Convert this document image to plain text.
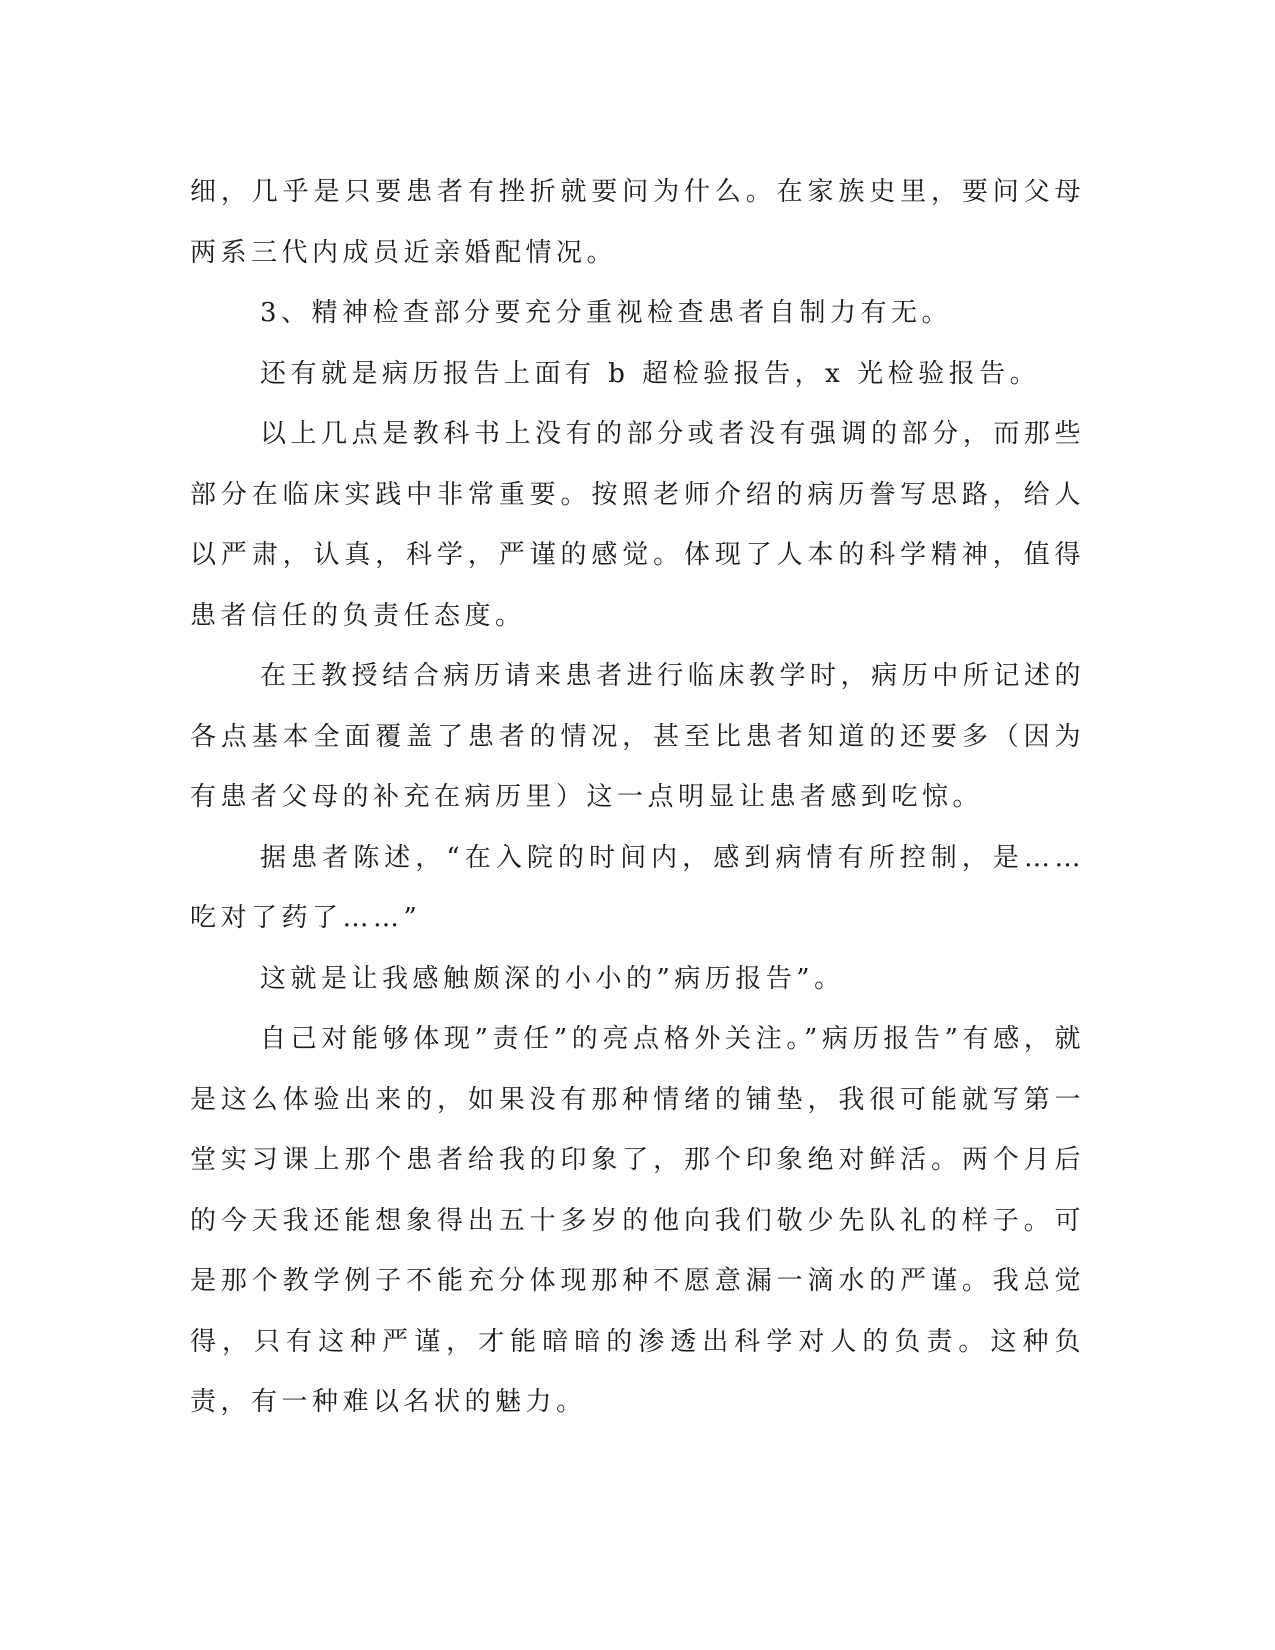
细，几乎是只要患者有挫折就要问为什么。在家族史里，要问父母两系三代内成员近亲婚配情况。

3、精神检查部分要充分重视检查患者自制力有无。

还有就是病历报告上面有 b 超检验报告，x 光检验报告。

以上几点是教科书上没有的部分或者没有强调的部分，而那些部分在临床实践中非常重要。按照老师介绍的病历誊写思路，给人以严肃，认真，科学，严谨的感觉。体现了人本的科学精神，值得患者信任的负责任态度。

在王教授结合病历请来患者进行临床教学时，病历中所记述的各点基本全面覆盖了患者的情况，甚至比患者知道的还要多（因为有患者父母的补充在病历里）这一点明显让患者感到吃惊。

据患者陈述，“在入院的时间内，感到病情有所控制，是……吃对了药了……”

这就是让我感触颇深的小小的”病历报告”。

自己对能够体现”责任”的亮点格外关注。”病历报告”有感，就是这么体验出来的，如果没有那种情绪的铺垫，我很可能就写第一堂实习课上那个患者给我的印象了，那个印象绝对鲜活。两个月后的今天我还能想象得出五十多岁的他向我们敬少先队礼的样子。可是那个教学例子不能充分体现那种不愿意漏一滴水的严谨。我总觉得，只有这种严谨，才能暗暗的渗透出科学对人的负责。这种负责，有一种难以名状的魅力。
